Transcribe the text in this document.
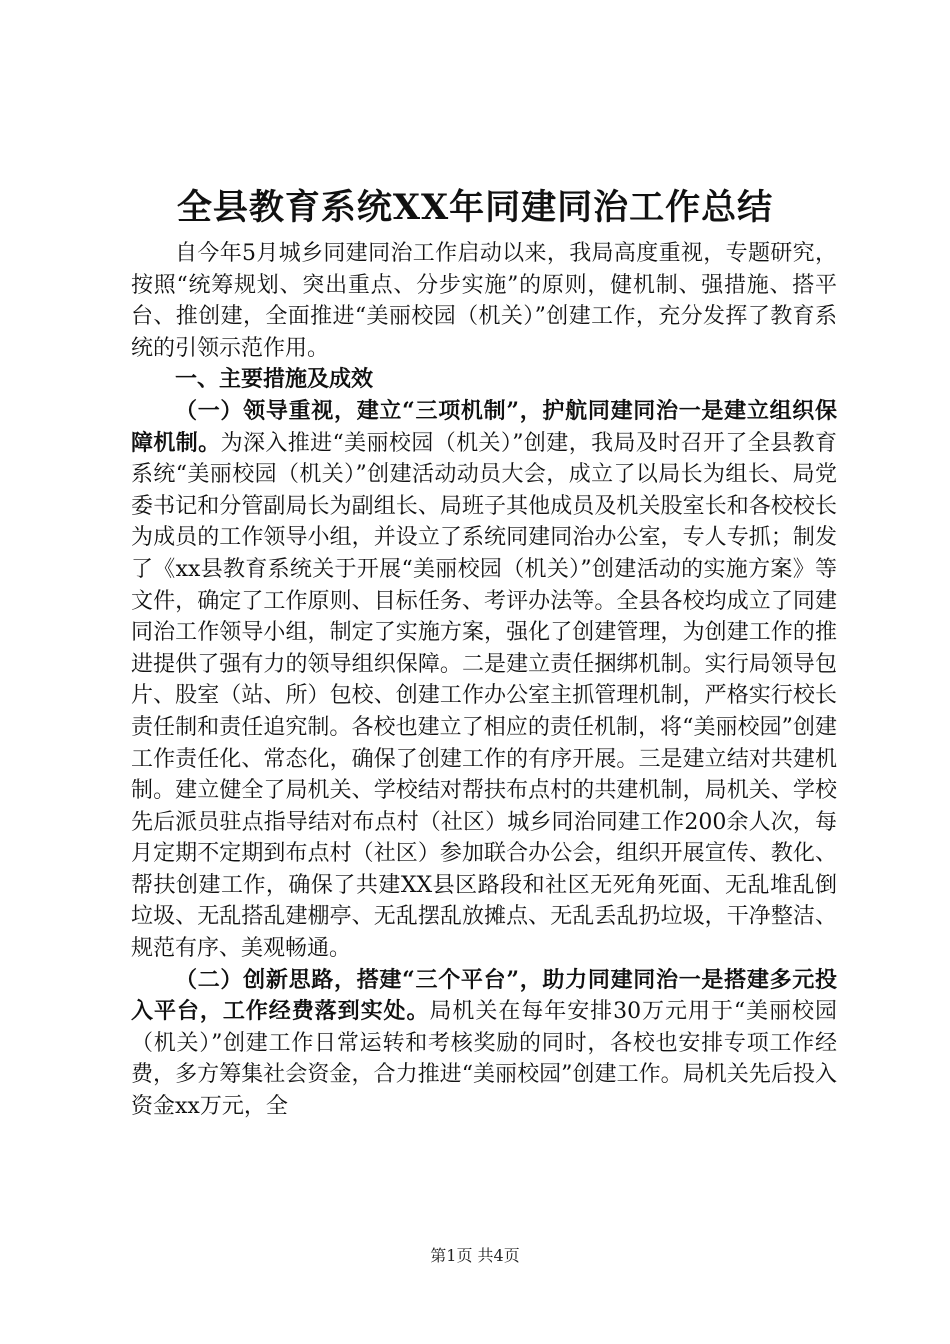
全县教育系统XX年同建同治工作总结

自今年5月城乡同建同治工作启动以来，我局高度重视，专题研究，按照“统筹规划、突出重点、分步实施”的原则，健机制、强措施、搭平台、推创建，全面推进“美丽校园（机关）”创建工作，充分发挥了教育系统的引领示范作用。

一、主要措施及成效

（一）领导重视，建立“三项机制”，护航同建同治一是建立组织保障机制。为深入推进“美丽校园（机关）”创建，我局及时召开了全县教育系统“美丽校园（机关）”创建活动动员大会，成立了以局长为组长、局党委书记和分管副局长为副组长、局班子其他成员及机关股室长和各校校长为成员的工作领导小组，并设立了系统同建同治办公室，专人专抓；制发了《xx县教育系统关于开展“美丽校园（机关）”创建活动的实施方案》等文件，确定了工作原则、目标任务、考评办法等。全县各校均成立了同建同治工作领导小组，制定了实施方案，强化了创建管理，为创建工作的推进提供了强有力的领导组织保障。二是建立责任捆绑机制。实行局领导包片、股室（站、所）包校、创建工作办公室主抓管理机制，严格实行校长责任制和责任追究制。各校也建立了相应的责任机制，将“美丽校园”创建工作责任化、常态化，确保了创建工作的有序开展。三是建立结对共建机制。建立健全了局机关、学校结对帮扶布点村的共建机制，局机关、学校先后派员驻点指导结对布点村（社区）城乡同治同建工作200余人次，每月定期不定期到布点村（社区）参加联合办公会，组织开展宣传、教化、帮扶创建工作，确保了共建XX县区路段和社区无死角死面、无乱堆乱倒垃圾、无乱搭乱建棚亭、无乱摆乱放摊点、无乱丢乱扔垃圾，干净整洁、规范有序、美观畅通。

（二）创新思路，搭建“三个平台”，助力同建同治一是搭建多元投入平台，工作经费落到实处。局机关在每年安排30万元用于“美丽校园（机关）”创建工作日常运转和考核奖励的同时，各校也安排专项工作经费，多方筹集社会资金，合力推进“美丽校园”创建工作。局机关先后投入资金xx万元，全

第1页 共4页
